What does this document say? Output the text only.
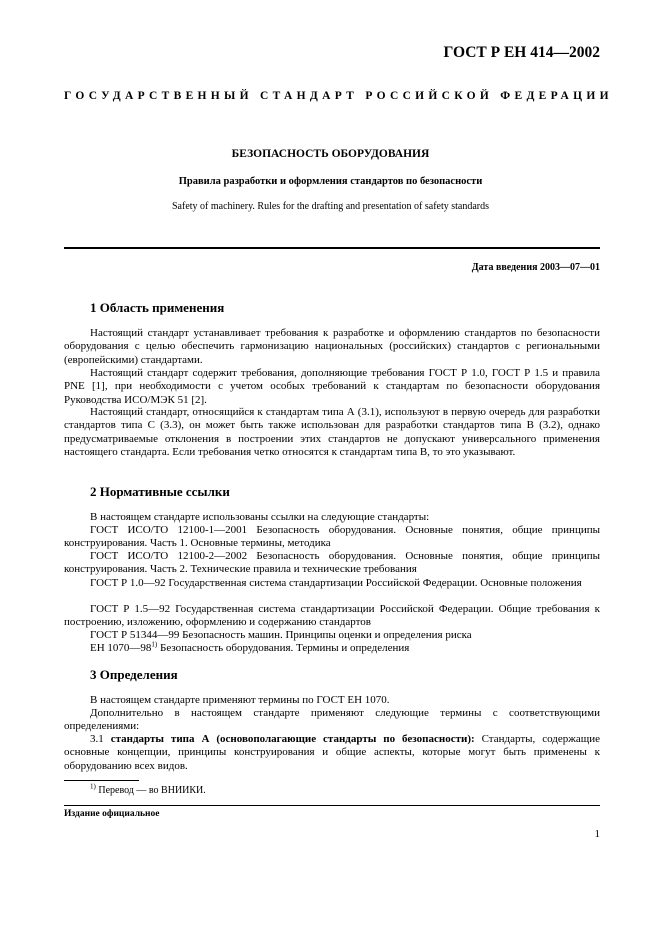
ГОСТ Р ЕН 414—2002
ГОСУДАРСТВЕННЫЙ СТАНДАРТ РОССИЙСКОЙ ФЕДЕРАЦИИ
БЕЗОПАСНОСТЬ ОБОРУДОВАНИЯ
Правила разработки и оформления стандартов по безопасности
Safety of machinery. Rules for the drafting and presentation of safety standards
Дата введения 2003—07—01
1 Область применения

Настоящий стандарт устанавливает требования к разработке и оформлению стандартов по безопасности оборудования с целью обеспечить гармонизацию национальных (российских) стандартов с региональными (европейскими) стандартами.

Настоящий стандарт содержит требования, дополняющие требования ГОСТ Р 1.0, ГОСТ Р 1.5 и правила PNE [1], при необходимости с учетом особых требований к стандартам по безопасности оборудования Руководства ИСО/МЭК 51 [2].

Настоящий стандарт, относящийся к стандартам типа А (3.1), используют в первую очередь для разработки стандартов типа С (3.3), он может быть также использован для разработки стандартов типа В (3.2), однако предусматриваемые отклонения в построении этих стандартов не допускают универсального применения настоящего стандарта. Если требования четко относятся к стандартам типа В, то это указывают.

2 Нормативные ссылки

В настоящем стандарте использованы ссылки на следующие стандарты:

ГОСТ ИСО/ТО 12100-1—2001 Безопасность оборудования. Основные понятия, общие принципы конструирования. Часть 1. Основные термины, методика

ГОСТ ИСО/ТО 12100-2—2002 Безопасность оборудования. Основные понятия, общие принципы конструирования. Часть 2. Технические правила и технические требования

ГОСТ Р 1.0—92 Государственная система стандартизации Российской Федерации. Основные положения

ГОСТ Р 1.5—92 Государственная система стандартизации Российской Федерации. Общие требования к построению, изложению, оформлению и содержанию стандартов

ГОСТ Р 51344—99 Безопасность машин. Принципы оценки и определения риска

ЕН 1070—98$^{1)}$ Безопасность оборудования. Термины и определения

3 Определения

В настоящем стандарте применяют термины по ГОСТ ЕН 1070.

Дополнительно в настоящем стандарте применяют следующие термины с соответствующими определениями:

3.1 стандарты типа А (основополагающие стандарты по безопасности): Стандарты, содержащие основные концепции, принципы конструирования и общие аспекты, которые могут быть применены к оборудованию всех видов.

$^{1)}$ Перевод — во ВНИИКИ.
Издание официальное
1
